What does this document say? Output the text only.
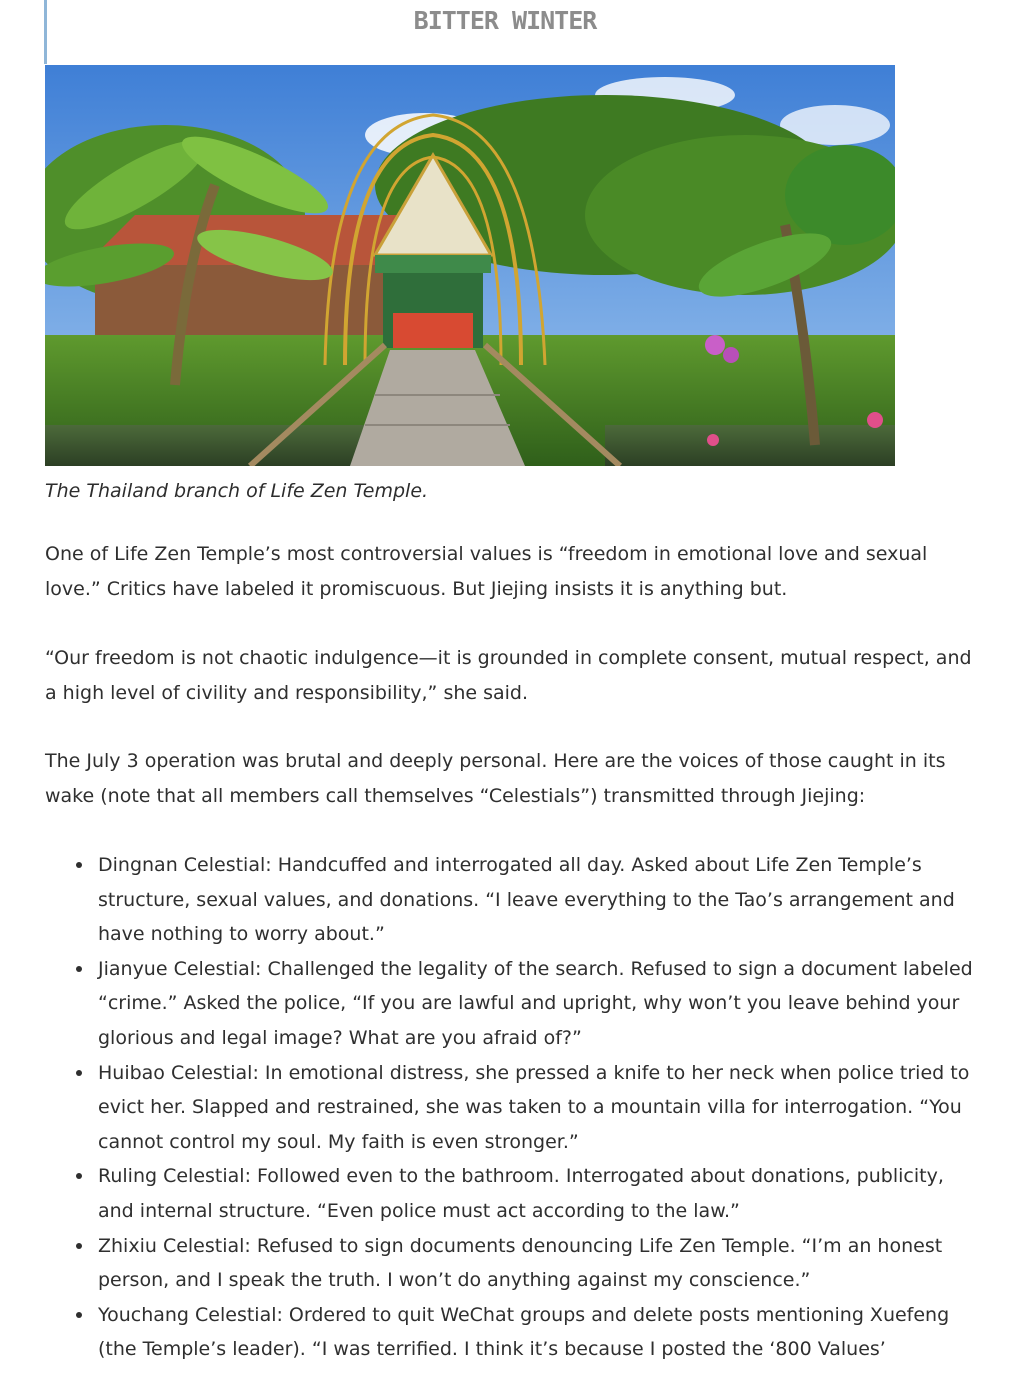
BITTER WINTER
The Thailand branch of Life Zen Temple.

One of Life Zen Temple’s most controversial values is “freedom in emotional love and sexual love.” Critics have labeled it promiscuous. But Jiejing insists it is anything but.

“Our freedom is not chaotic indulgence—it is grounded in complete consent, mutual respect, and a high level of civility and responsibility,” she said.

The July 3 operation was brutal and deeply personal. Here are the voices of those caught in its wake (note that all members call themselves “Celestials”) transmitted through Jiejing:

Dingnan Celestial: Handcuffed and interrogated all day. Asked about Life Zen Temple’s structure, sexual values, and donations. “I leave everything to the Tao’s arrangement and have nothing to worry about.”
Jianyue Celestial: Challenged the legality of the search. Refused to sign a document labeled “crime.” Asked the police, “If you are lawful and upright, why won’t you leave behind your glorious and legal image? What are you afraid of?”
Huibao Celestial: In emotional distress, she pressed a knife to her neck when police tried to evict her. Slapped and restrained, she was taken to a mountain villa for interrogation. “You cannot control my soul. My faith is even stronger.”
Ruling Celestial: Followed even to the bathroom. Interrogated about donations, publicity, and internal structure. “Even police must act according to the law.”
Zhixiu Celestial: Refused to sign documents denouncing Life Zen Temple. “I’m an honest person, and I speak the truth. I won’t do anything against my conscience.”
Youchang Celestial: Ordered to quit WeChat groups and delete posts mentioning Xuefeng (the Temple’s leader). “I was terrified. I think it’s because I posted the ‘800 Values’
